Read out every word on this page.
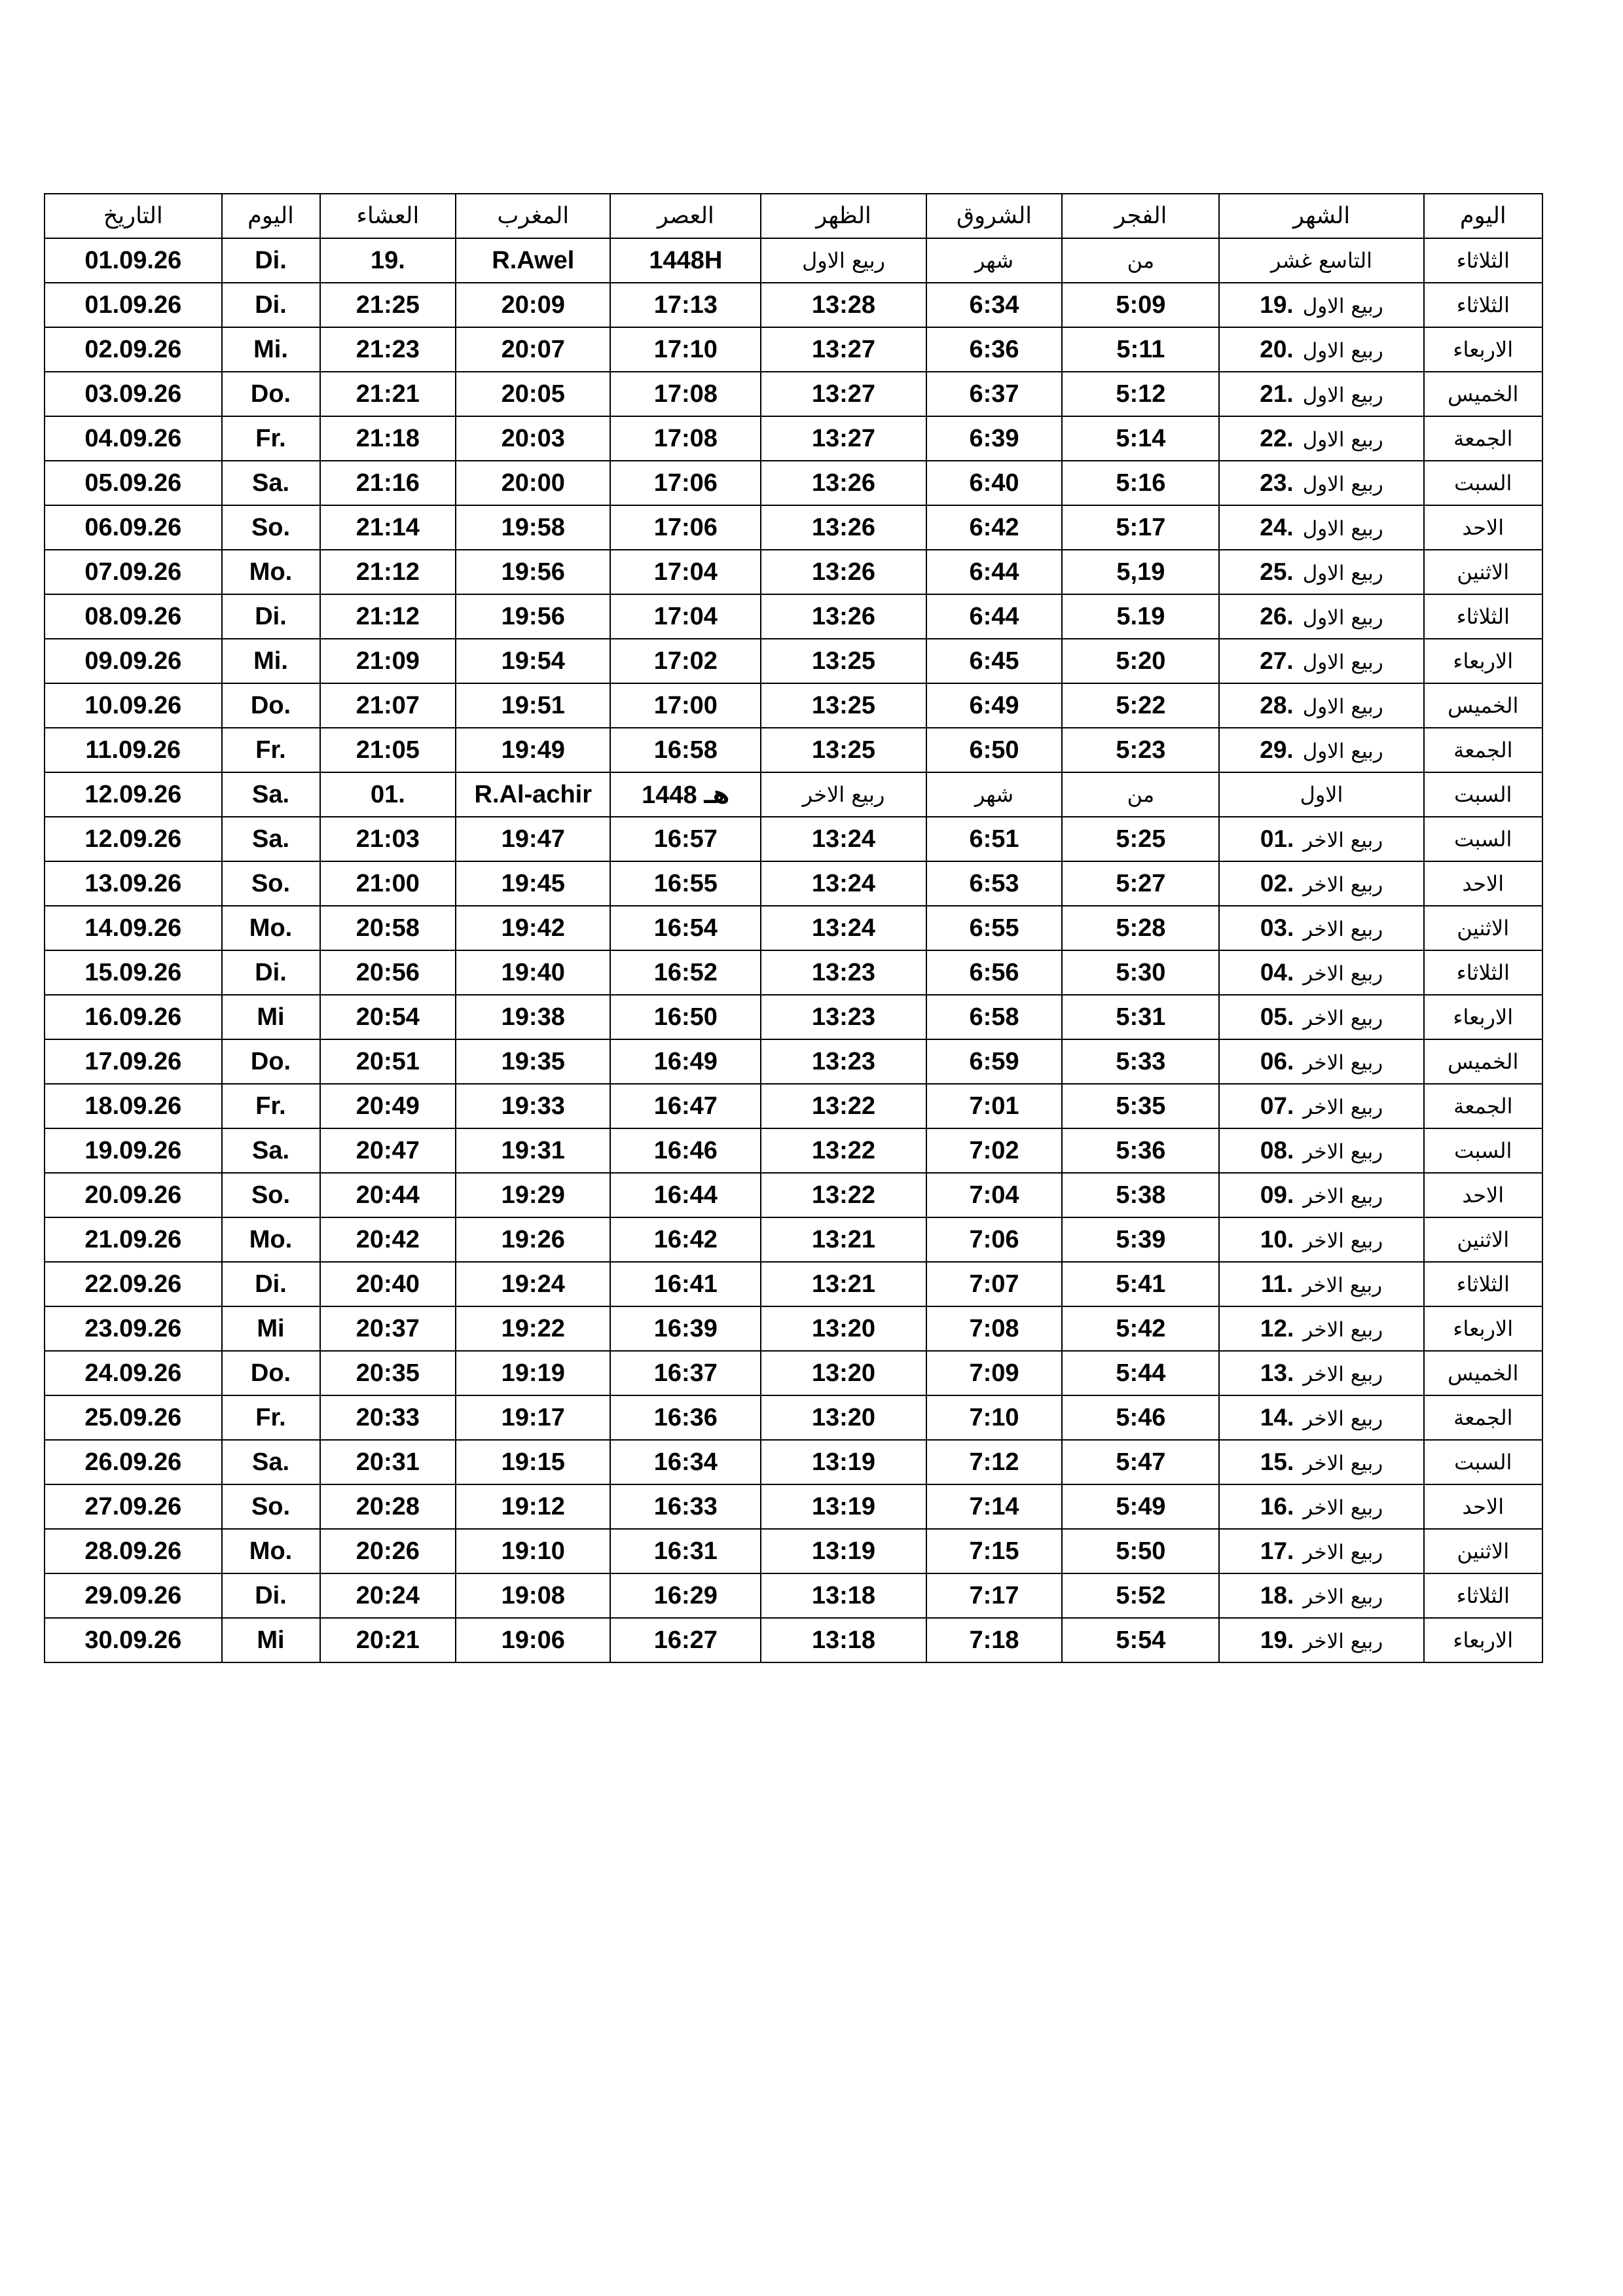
التاريخ	اليوم	العشاء	المغرب	العصر	الظهر	الشروق	الفجر	الشهر	اليوم
01.09.26	Di.	19.	R.Awel	1448H	ربيع الاول	شهر	من	التاسع غشر	الثلاثاء
01.09.26	Di.	21:25	20:09	17:13	13:28	6:34	5:09	19. ربيع الاول	الثلاثاء
02.09.26	Mi.	21:23	20:07	17:10	13:27	6:36	5:11	20. ربيع الاول	الاربعاء
03.09.26	Do.	21:21	20:05	17:08	13:27	6:37	5:12	21. ربيع الاول	الخميس
04.09.26	Fr.	21:18	20:03	17:08	13:27	6:39	5:14	22. ربيع الاول	الجمعة
05.09.26	Sa.	21:16	20:00	17:06	13:26	6:40	5:16	23. ربيع الاول	السبت
06.09.26	So.	21:14	19:58	17:06	13:26	6:42	5:17	24. ربيع الاول	الاحد
07.09.26	Mo.	21:12	19:56	17:04	13:26	6:44	5,19	25. ربيع الاول	الاثنين
08.09.26	Di.	21:12	19:56	17:04	13:26	6:44	5.19	26. ربيع الاول	الثلاثاء
09.09.26	Mi.	21:09	19:54	17:02	13:25	6:45	5:20	27. ربيع الاول	الاربعاء
10.09.26	Do.	21:07	19:51	17:00	13:25	6:49	5:22	28. ربيع الاول	الخميس
11.09.26	Fr.	21:05	19:49	16:58	13:25	6:50	5:23	29. ربيع الاول	الجمعة
12.09.26	Sa.	01.	R.Al-achir	1448 هـ	ربيع الاخر	شهر	من	الاول	السبت
12.09.26	Sa.	21:03	19:47	16:57	13:24	6:51	5:25	01. ربيع الاخر	السبت
13.09.26	So.	21:00	19:45	16:55	13:24	6:53	5:27	02. ربيع الاخر	الاحد
14.09.26	Mo.	20:58	19:42	16:54	13:24	6:55	5:28	03. ربيع الاخر	الاثنين
15.09.26	Di.	20:56	19:40	16:52	13:23	6:56	5:30	04. ربيع الاخر	الثلاثاء
16.09.26	Mi	20:54	19:38	16:50	13:23	6:58	5:31	05. ربيع الاخر	الاربعاء
17.09.26	Do.	20:51	19:35	16:49	13:23	6:59	5:33	06. ربيع الاخر	الخميس
18.09.26	Fr.	20:49	19:33	16:47	13:22	7:01	5:35	07. ربيع الاخر	الجمعة
19.09.26	Sa.	20:47	19:31	16:46	13:22	7:02	5:36	08. ربيع الاخر	السبت
20.09.26	So.	20:44	19:29	16:44	13:22	7:04	5:38	09. ربيع الاخر	الاحد
21.09.26	Mo.	20:42	19:26	16:42	13:21	7:06	5:39	10. ربيع الاخر	الاثنين
22.09.26	Di.	20:40	19:24	16:41	13:21	7:07	5:41	11. ربيع الاخر	الثلاثاء
23.09.26	Mi	20:37	19:22	16:39	13:20	7:08	5:42	12. ربيع الاخر	الاربعاء
24.09.26	Do.	20:35	19:19	16:37	13:20	7:09	5:44	13. ربيع الاخر	الخميس
25.09.26	Fr.	20:33	19:17	16:36	13:20	7:10	5:46	14. ربيع الاخر	الجمعة
26.09.26	Sa.	20:31	19:15	16:34	13:19	7:12	5:47	15. ربيع الاخر	السبت
27.09.26	So.	20:28	19:12	16:33	13:19	7:14	5:49	16. ربيع الاخر	الاحد
28.09.26	Mo.	20:26	19:10	16:31	13:19	7:15	5:50	17. ربيع الاخر	الاثنين
29.09.26	Di.	20:24	19:08	16:29	13:18	7:17	5:52	18. ربيع الاخر	الثلاثاء
30.09.26	Mi	20:21	19:06	16:27	13:18	7:18	5:54	19. ربيع الاخر	الاربعاء
